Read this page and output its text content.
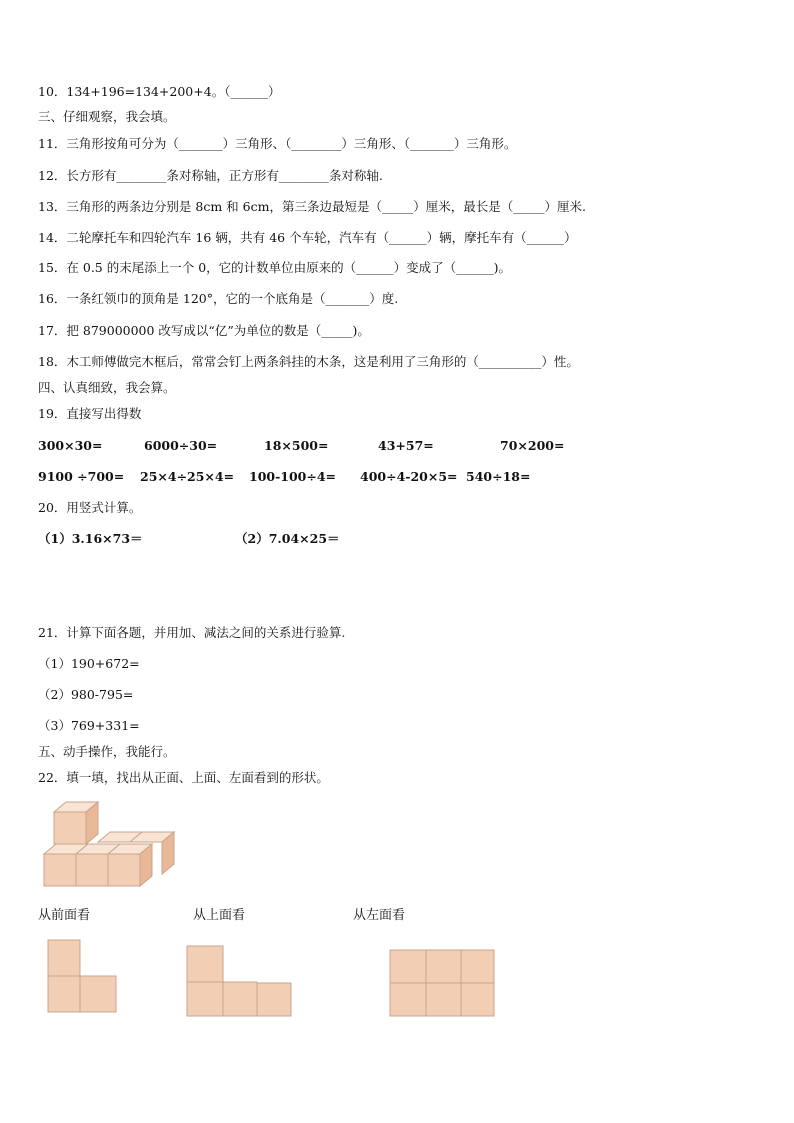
10．134+196=134+200+4。（______）
三、仔细观察，我会填。
11．三角形按角可分为（_______）三角形、（________）三角形、（_______）三角形。
12．长方形有________条对称轴，正方形有________条对称轴.
13．三角形的两条边分别是 8cm 和 6cm，第三条边最短是（_____）厘米，最长是（_____）厘米.
14．二轮摩托车和四轮汽车 16 辆，共有 46 个车轮，汽车有（______）辆，摩托车有（______）
15．在 0.5 的末尾添上一个 0，它的计数单位由原来的（______）变成了（______)。
16．一条红领巾的顶角是 120°，它的一个底角是（_______）度.
17．把 879000000 改写成以“亿”为单位的数是（_____)。
18．木工师傅做完木框后，常常会钉上两条斜挂的木条，这是利用了三角形的（__________）性。
四、认真细致，我会算。
19．直接写出得数
300×30=	6000÷30=	18×500=	43+57=	70×200=
9100 ÷700= 25×4÷25×4= 100-100÷4= 400÷4-20×5= 540÷18=
20．用竖式计算。
（1）3.16×73＝	（2）7.04×25＝
21．计算下面各题，并用加、减法之间的关系进行验算.
（1）190+672=
（2）980-795=
（3）769+331=
五、动手操作，我能行。
22．填一填，找出从正面、上面、左面看到的形状。
从前面看	从上面看	从左面看
